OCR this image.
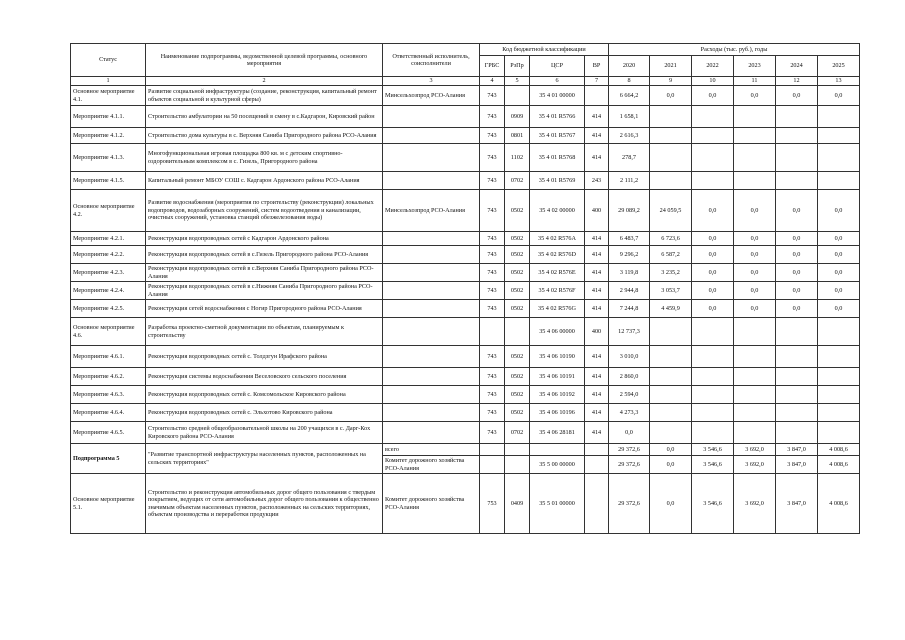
Статус	Наименование подпрограммы, ведомственной целевой программы, основного мероприятия	Ответственный исполнитель, соисполнители	Код бюджетной классификации				Расходы (тыс. руб.), годы					
			ГРБС	РзПр	ЦСР	ВР	2020	2021	2022	2023	2024	2025
1	2	3	4	5	6	7	8	9	10	11	12	13
Основное мероприятие 4.1.	Развитие социальной инфраструктуры (создание, реконструкция, капитальный ремонт объектов социальной и культурной сферы)	Минсельхозпрод РСО-Алания	743		35 4 01 00000		6 664,2	0,0	0,0	0,0	0,0	0,0
Мероприятие 4.1.1.	Строительство амбулатории на 50 посещений в смену в с.Кадгарон, Кировский район		743	0909	35 4 01 R5766	414	1 658,1					
Мероприятие 4.1.2.	Строительство дома культуры в с. Верхняя Саниба Пригородного района РСО-Алания		743	0801	35 4 01 R5767	414	2 616,3					
Мероприятие 4.1.3.	Многофункциональная игровая площадка 800 кв. м с детским спортивно-оздоровительным комплексом в с. Гизель, Пригородного района		743	1102	35 4 01 R5768	414	278,7					
Мероприятие 4.1.5.	Капитальный ремонт МБОУ СОШ с. Кадгарон Ардонского района РСО-Алания		743	0702	35 4 01 R5769	243	2 111,2					
Основное мероприятие 4.2.	Развитие водоснабжения (мероприятия по строительству (реконструкции) локальных водопроводов, водозаборных сооружений, систем водоотведения и канализации, очистных сооружений, установка станций обезжелезования воды)	Минсельхозпрод РСО-Алания	743	0502	35 4 02 00000	400	29 089,2	24 059,5	0,0	0,0	0,0	0,0
Мероприятие 4.2.1.	Реконструкция водопроводных сетей с Кадгарон Ардонского района		743	0502	35 4 02 R576A	414	6 483,7	6 723,6	0,0	0,0	0,0	0,0
Мероприятие 4.2.2.	Реконструкция водопроводных сетей в с.Гизель Пригородного района РСО-Алания		743	0502	35 4 02 R576D	414	9 296,2	6 587,2	0,0	0,0	0,0	0,0
Мероприятие 4.2.3.	Реконструкция водопроводных сетей в с.Верхняя Саниба Пригородного района РСО-Алания		743	0502	35 4 02 R576E	414	3 119,8	3 235,2	0,0	0,0	0,0	0,0
Мероприятие 4.2.4.	Реконструкция водопроводных сетей в с.Нижняя Саниба Пригородного района РСО-Алания		743	0502	35 4 02 R576F	414	2 944,8	3 053,7	0,0	0,0	0,0	0,0
Мероприятие 4.2.5.	Реконструкция сетей водоснабжения с Ногир Пригородного района РСО-Алания		743	0502	35 4 02 R576G	414	7 244,8	4 459,9	0,0	0,0	0,0	0,0
Основное мероприятие 4.6.	Разработка проектно-сметной документации по объектам, планируемым к строительству				35 4 06 00000	400	12 737,3					
Мероприятие 4.6.1.	Реконструкция водопроводных сетей с. Толдзгун Ирафского района		743	0502	35 4 06 10190	414	3 010,0					
Мероприятие 4.6.2.	Реконструкция системы водоснабжения Веселовского сельского поселения		743	0502	35 4 06 10191	414	2 860,0					
Мероприятие 4.6.3.	Реконструкция водопроводных сетей с. Комсомольское Кировского района		743	0502	35 4 06 10192	414	2 594,0					
Мероприятие 4.6.4.	Реконструкция водопроводных сетей с. Эльхотово Кировского района		743	0502	35 4 06 10196	414	4 273,3					
Мероприятие 4.6.5.	Строительство средней общеобразовательной школы на 200 учащихся в с. Дарг-Кох Кировского района РСО-Алания		743	0702	35 4 06 28181	414	0,0					
Подпрограмма 5	"Развитие транспортной инфраструктуры населенных пунктов, расположенных на сельских территориях"	всего					29 372,6	0,0	3 546,6	3 692,0	3 847,0	4 008,6
		Комитет дорожного хозяйства РСО-Алания			35 5 00 00000		29 372,6	0,0	3 546,6	3 692,0	3 847,0	4 008,6
Основное мероприятие 5.1.	Строительство и реконструкция автомобильных дорог общего пользования с твердым покрытием, ведущих от сети автомобильных дорог общего пользования к общественно значимым объектам населенных пунктов, расположенных на сельских территориях, объектам производства и переработки продукции	Комитет дорожного хозяйства РСО-Алания	753	0409	35 5 01 00000		29 372,6	0,0	3 546,6	3 692,0	3 847,0	4 008,6
